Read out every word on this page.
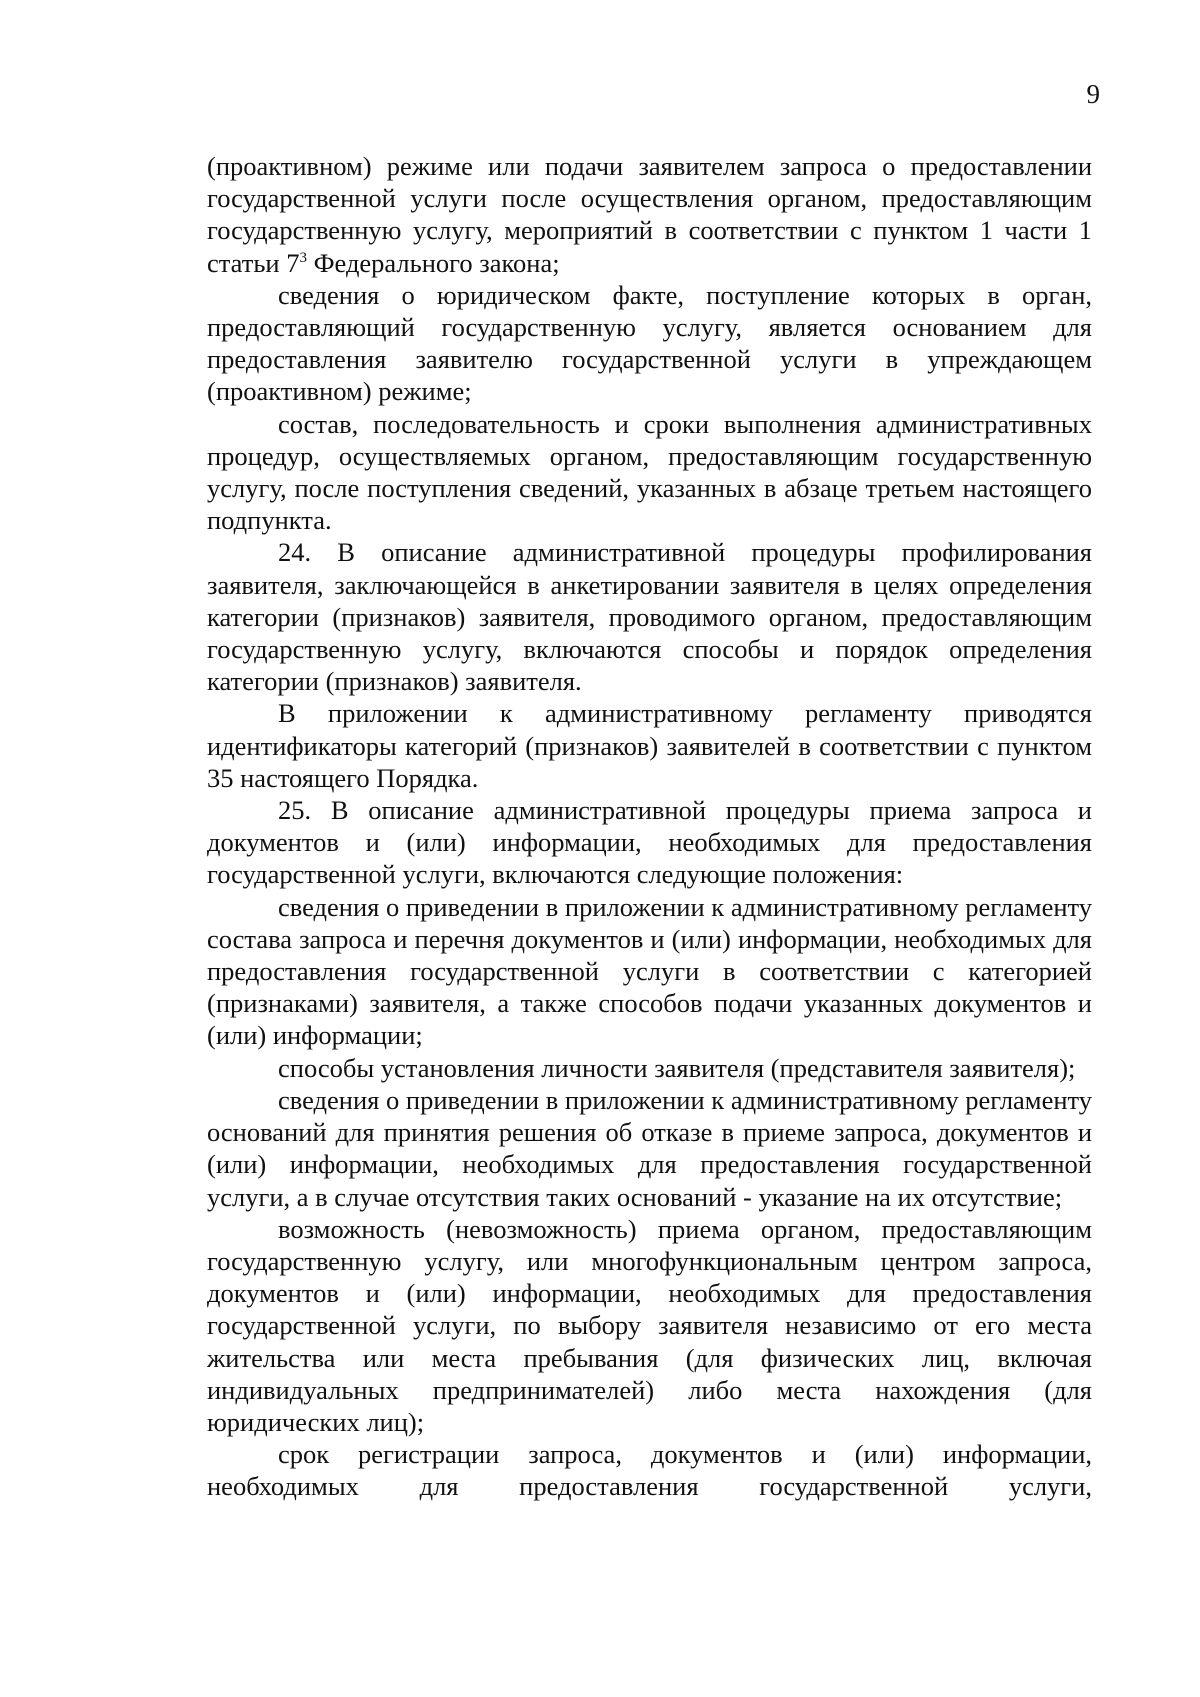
9

(проактивном) режиме или подачи заявителем запроса о предоставлении государственной услуги после осуществления органом, предоставляющим государственную услугу, мероприятий в соответствии с пунктом 1 части 1 статьи $7^3$ Федерального закона;

сведения о юридическом факте, поступление которых в орган, предоставляющий государственную услугу, является основанием для предоставления заявителю государственной услуги в упреждающем (проактивном) режиме;

состав, последовательность и сроки выполнения административных процедур, осуществляемых органом, предоставляющим государственную услугу, после поступления сведений, указанных в абзаце третьем настоящего подпункта.

24. В описание административной процедуры профилирования заявителя, заключающейся в анкетировании заявителя в целях определения категории (признаков) заявителя, проводимого органом, предоставляющим государственную услугу, включаются способы и порядок определения категории (признаков) заявителя.

В приложении к административному регламенту приводятся идентификаторы категорий (признаков) заявителей в соответствии с пунктом 35 настоящего Порядка.

25. В описание административной процедуры приема запроса и документов и (или) информации, необходимых для предоставления государственной услуги, включаются следующие положения:

сведения о приведении в приложении к административному регламенту состава запроса и перечня документов и (или) информации, необходимых для предоставления государственной услуги в соответствии с категорией (признаками) заявителя, а также способов подачи указанных документов и (или) информации;

способы установления личности заявителя (представителя заявителя);

сведения о приведении в приложении к административному регламенту оснований для принятия решения об отказе в приеме запроса, документов и (или) информации, необходимых для предоставления государственной услуги, а в случае отсутствия таких оснований - указание на их отсутствие;

возможность (невозможность) приема органом, предоставляющим государственную услугу, или многофункциональным центром запроса, документов и (или) информации, необходимых для предоставления государственной услуги, по выбору заявителя независимо от его места жительства или места пребывания (для физических лиц, включая индивидуальных предпринимателей) либо места нахождения (для юридических лиц);

срок регистрации запроса, документов и (или) информации, необходимых для предоставления государственной услуги,
